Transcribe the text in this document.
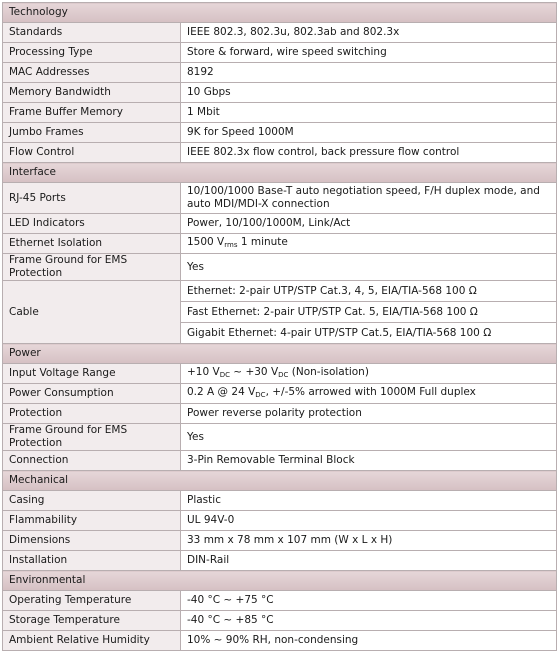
Technology	
Standards	IEEE 802.3, 802.3u, 802.3ab and 802.3x
Processing Type	Store & forward, wire speed switching
MAC Addresses	8192
Memory Bandwidth	10 Gbps
Frame Buffer Memory	1 Mbit
Jumbo Frames	9K for Speed 1000M
Flow Control	IEEE 802.3x flow control, back pressure flow control
Interface	
RJ-45 Ports	10/100/1000 Base-T auto negotiation speed, F/H duplex mode, and auto MDI/MDI-X connection
LED Indicators	Power, 10/100/1000M, Link/Act
Ethernet Isolation	1500 $V_{rms}$ 1 minute
Frame Ground for EMS Protection	Yes
Cable	Ethernet: 2-pair UTP/STP Cat.3, 4, 5, EIA/TIA-568 100 Ω
	Fast Ethernet: 2-pair UTP/STP Cat. 5, EIA/TIA-568 100 Ω
	Gigabit Ethernet: 4-pair UTP/STP Cat.5, EIA/TIA-568 100 Ω
Power	
Input Voltage Range	+10 $V_{DC}$ ~ +30 $V_{DC}$ (Non-isolation)
Power Consumption	0.2 A @ 24 $V_{DC}$, +/-5% arrowed with 1000M Full duplex
Protection	Power reverse polarity protection
Frame Ground for EMS Protection	Yes
Connection	3-Pin Removable Terminal Block
Mechanical	
Casing	Plastic
Flammability	UL 94V-0
Dimensions	33 mm x 78 mm x 107 mm (W x L x H)
Installation	DIN-Rail
Environmental	
Operating Temperature	-40 °C ~ +75 °C
Storage Temperature	-40 °C ~ +85 °C
Ambient Relative Humidity	10% ~ 90% RH, non-condensing
